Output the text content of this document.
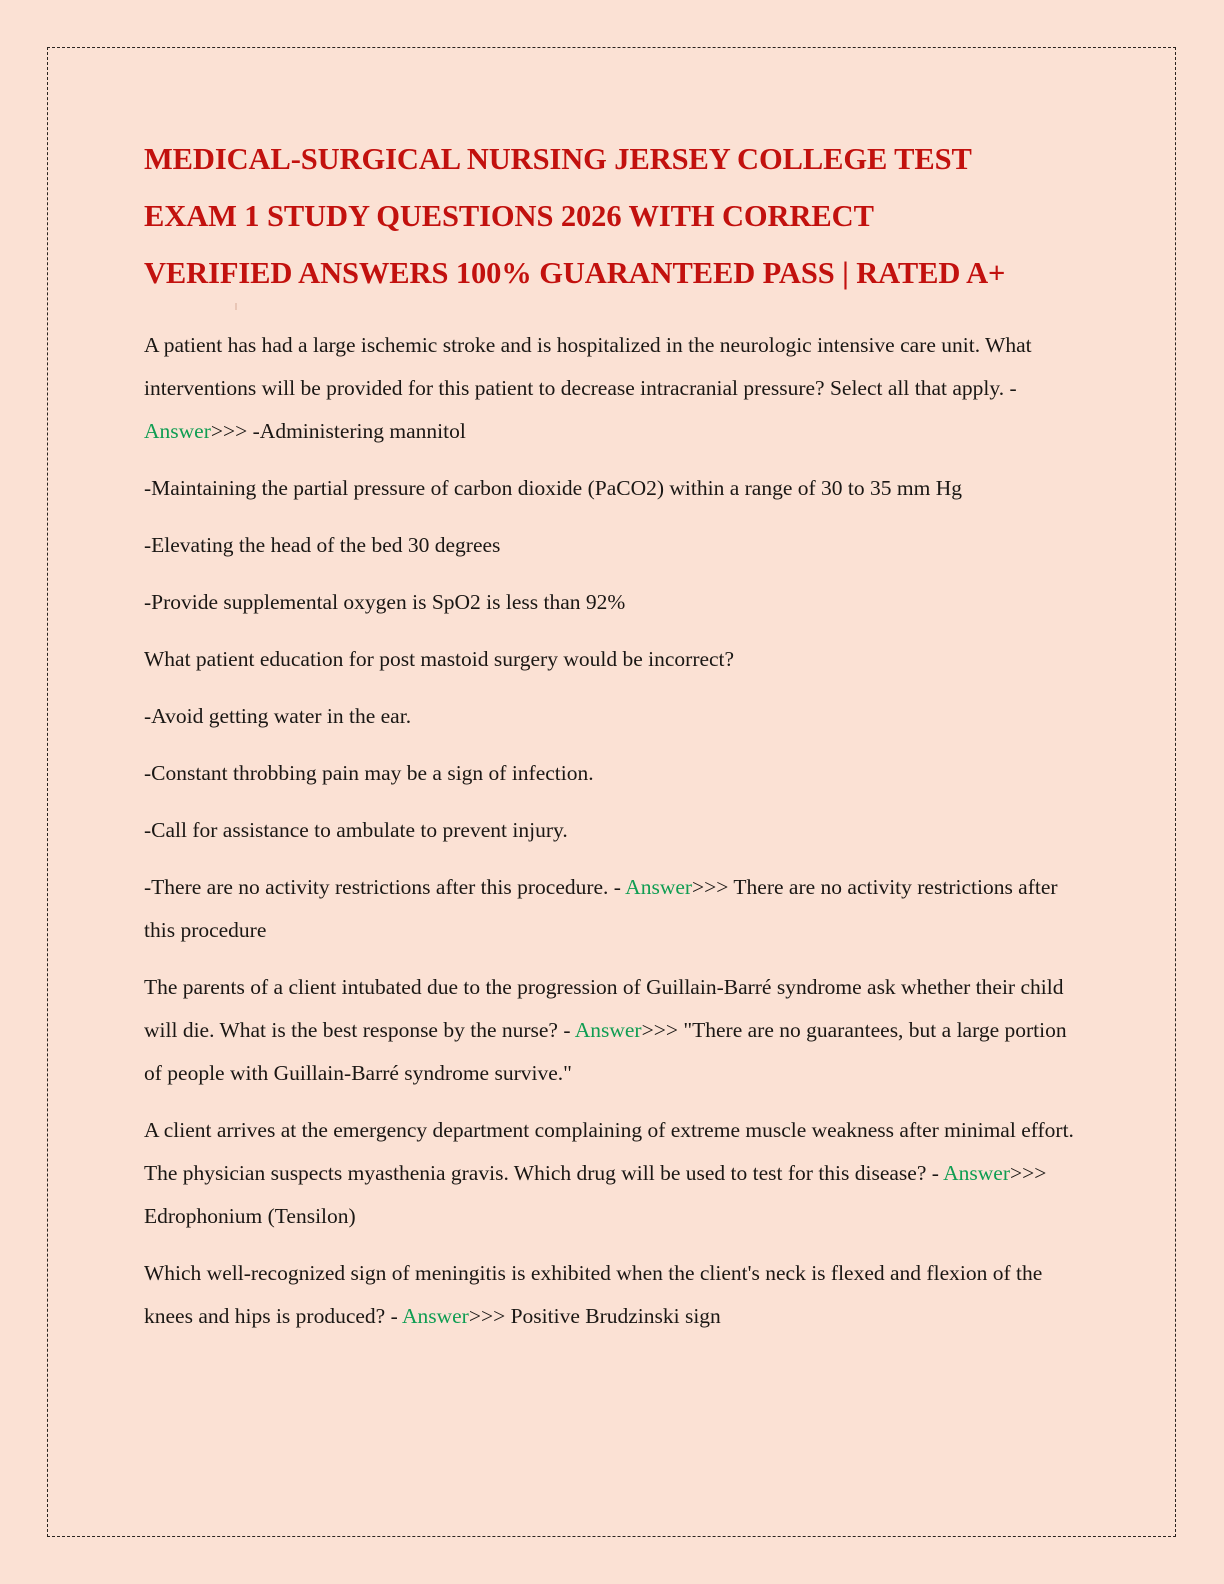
MEDICAL-SURGICAL NURSING JERSEY COLLEGE TEST
EXAM 1 STUDY QUESTIONS 2026 WITH CORRECT
VERIFIED ANSWERS 100% GUARANTEED PASS | RATED A+
A patient has had a large ischemic stroke and is hospitalized in the neurologic intensive care unit. What interventions will be provided for this patient to decrease intracranial pressure? Select all that apply. - Answer>>> -Administering mannitol
-Maintaining the partial pressure of carbon dioxide (PaCO2) within a range of 30 to 35 mm Hg
-Elevating the head of the bed 30 degrees
-Provide supplemental oxygen is SpO2 is less than 92%
What patient education for post mastoid surgery would be incorrect?
-Avoid getting water in the ear.
-Constant throbbing pain may be a sign of infection.
-Call for assistance to ambulate to prevent injury.
-There are no activity restrictions after this procedure. - Answer>>> There are no activity restrictions after this procedure
The parents of a client intubated due to the progression of Guillain-Barré syndrome ask whether their child will die. What is the best response by the nurse? - Answer>>> "There are no guarantees, but a large portion of people with Guillain-Barré syndrome survive."
A client arrives at the emergency department complaining of extreme muscle weakness after minimal effort. The physician suspects myasthenia gravis. Which drug will be used to test for this disease? - Answer>>> Edrophonium (Tensilon)
Which well-recognized sign of meningitis is exhibited when the client's neck is flexed and flexion of the knees and hips is produced? - Answer>>> Positive Brudzinski sign
